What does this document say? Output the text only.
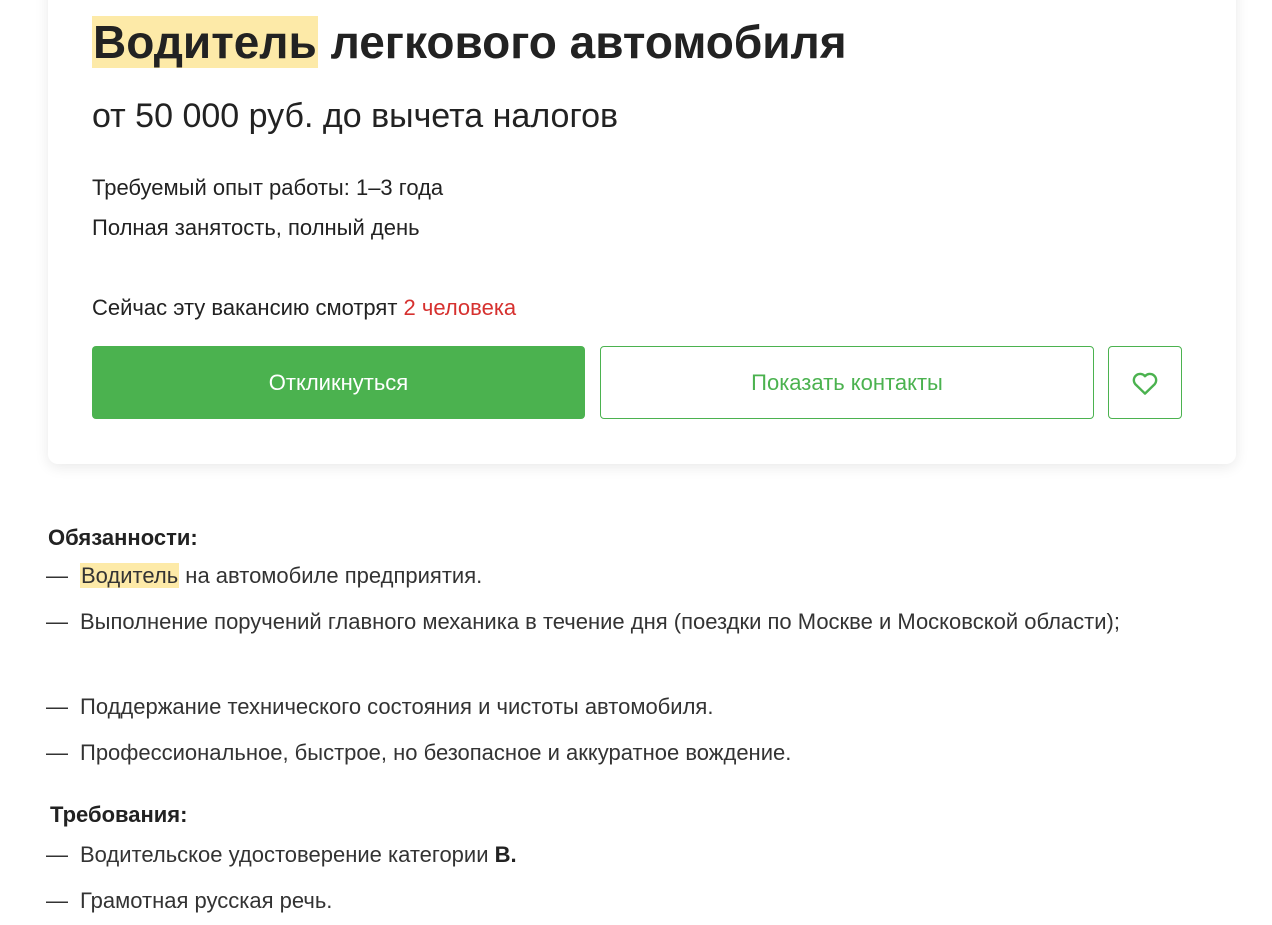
Водитель легкового автомобиля
от 50 000 руб. до вычета налогов
Требуемый опыт работы: 1–3 года
Полная занятость, полный день
Сейчас эту вакансию смотрят 2 человека
Откликнуться	Показать контакты
Обязанности:
— Водитель на автомобиле предприятия.
— Выполнение поручений главного механика в течение дня (поездки по Москве и Московской области);
— Поддержание технического состояния и чистоты автомобиля.
— Профессиональное, быстрое, но безопасное и аккуратное вождение.
Требования:
— Водительское удостоверение категории B.
— Грамотная русская речь.
